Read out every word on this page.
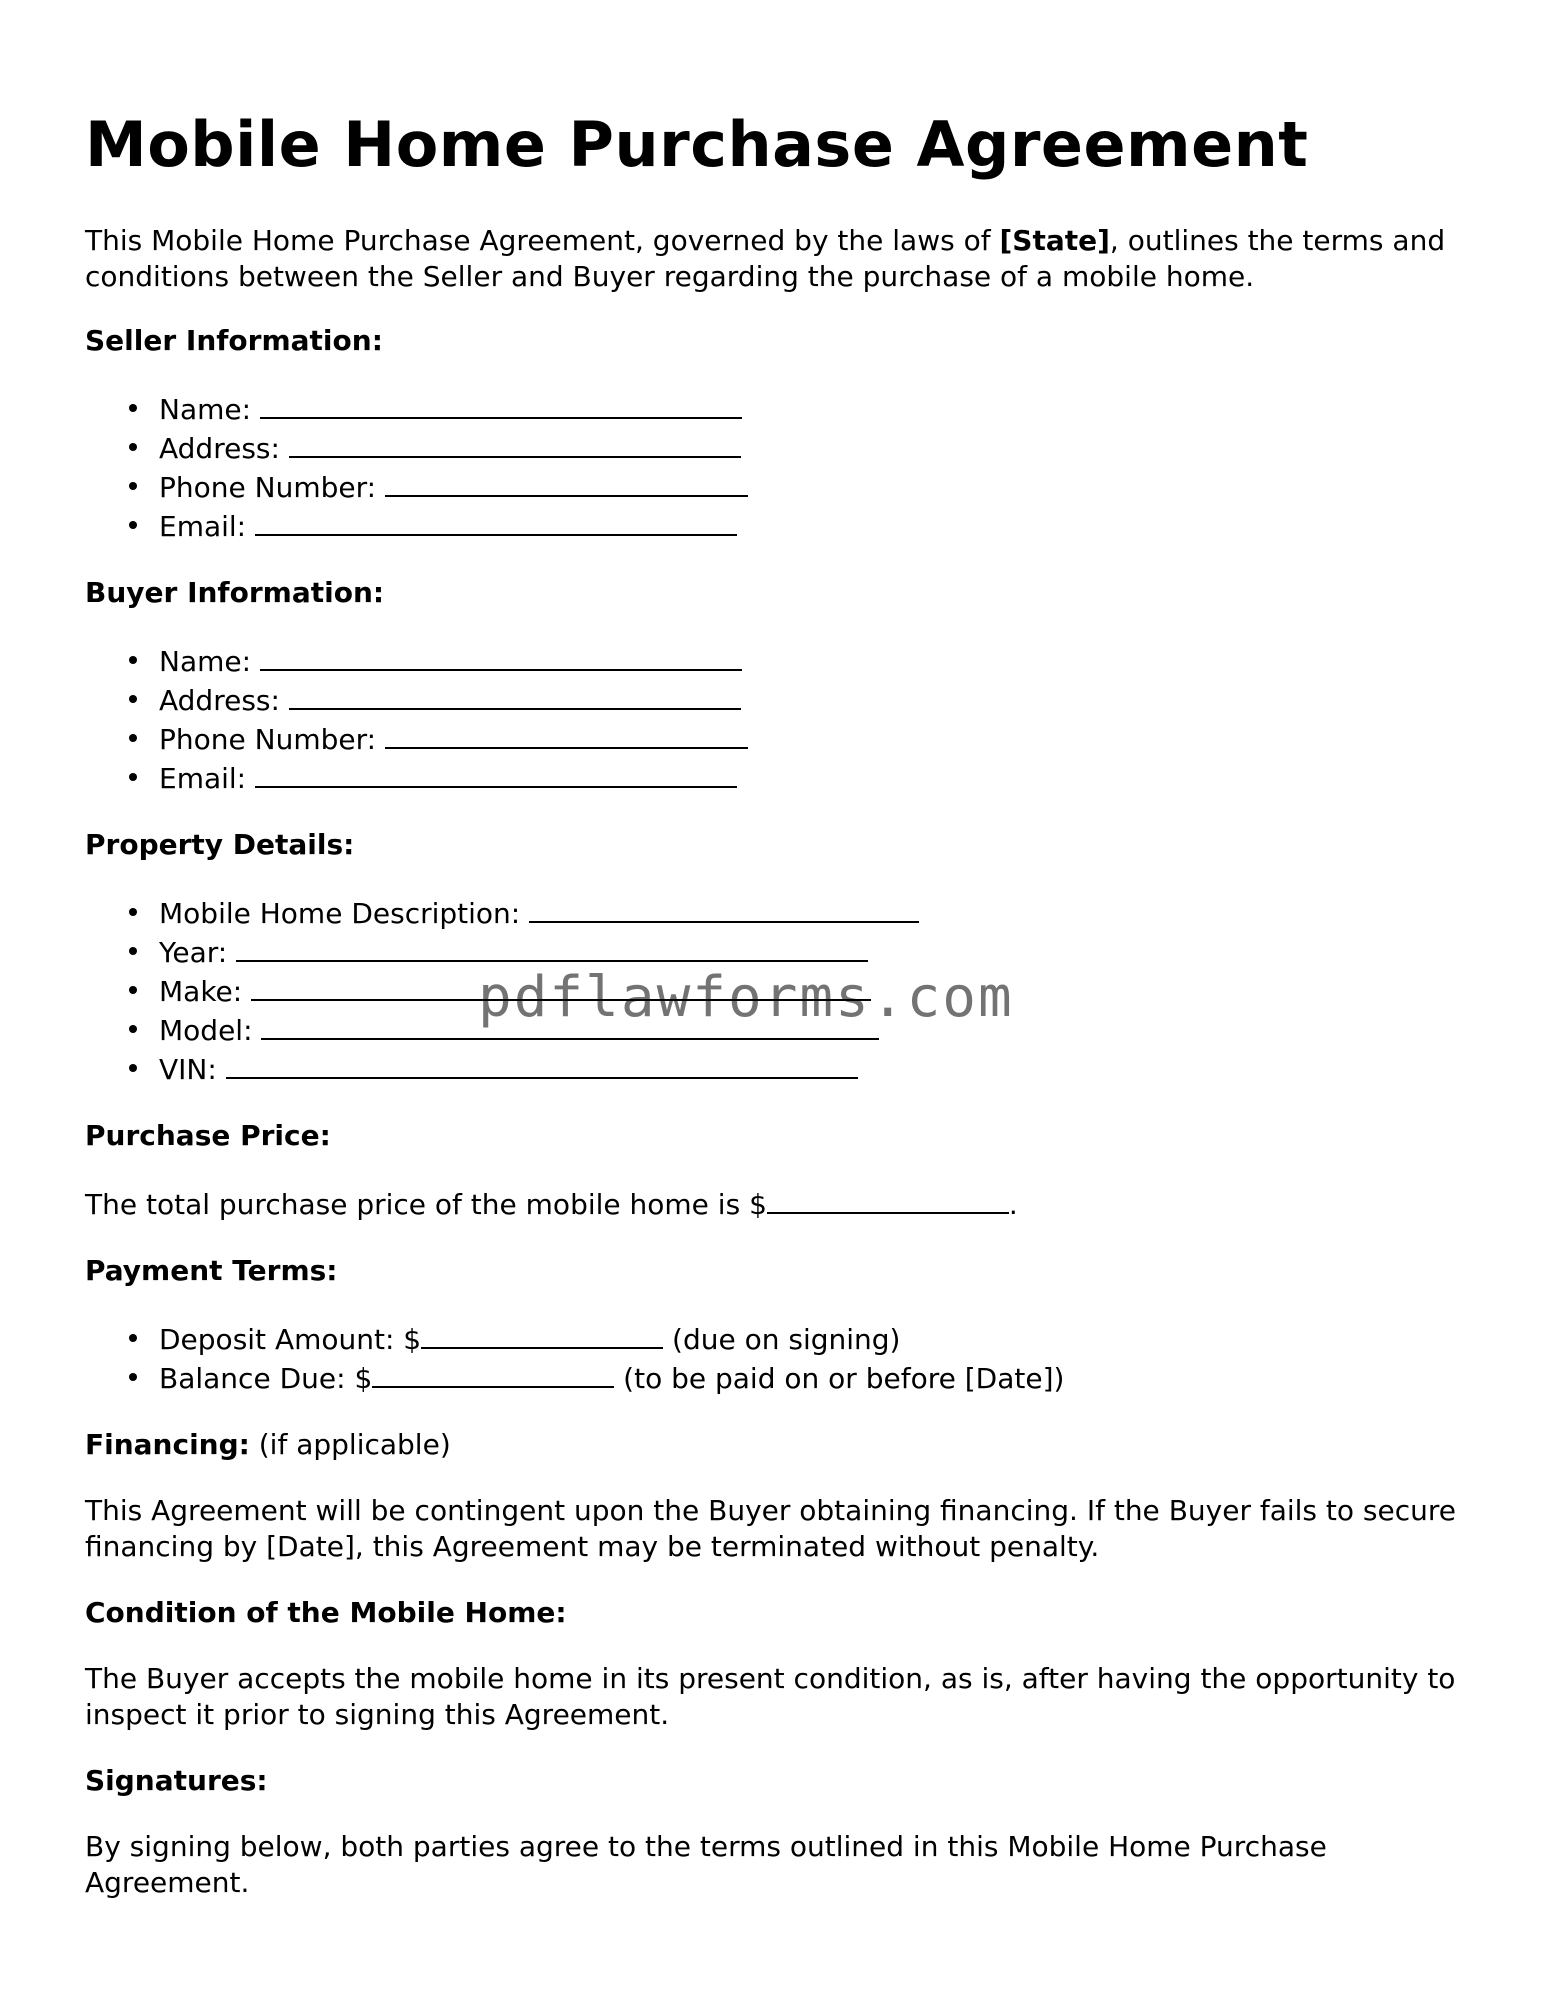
Mobile Home Purchase Agreement

This Mobile Home Purchase Agreement, governed by the laws of [State], outlines the terms and conditions between the Seller and Buyer regarding the purchase of a mobile home.

Seller Information:
Name:
Address:
Phone Number:
Email:
Buyer Information:
Name:
Address:
Phone Number:
Email:
Property Details:
Mobile Home Description:
Year:
Make:
Model:
VIN:
Purchase Price:

The total purchase price of the mobile home is $	.

Payment Terms:
Deposit Amount: $	(due on signing)
Balance Due: $	(to be paid on or before [Date])

Financing: (if applicable)

This Agreement will be contingent upon the Buyer obtaining financing. If the Buyer fails to secure financing by [Date], this Agreement may be terminated without penalty.

Condition of the Mobile Home:

The Buyer accepts the mobile home in its present condition, as is, after having the opportunity to inspect it prior to signing this Agreement.

Signatures:

By signing below, both parties agree to the terms outlined in this Mobile Home Purchase Agreement.

pdflawforms.com
